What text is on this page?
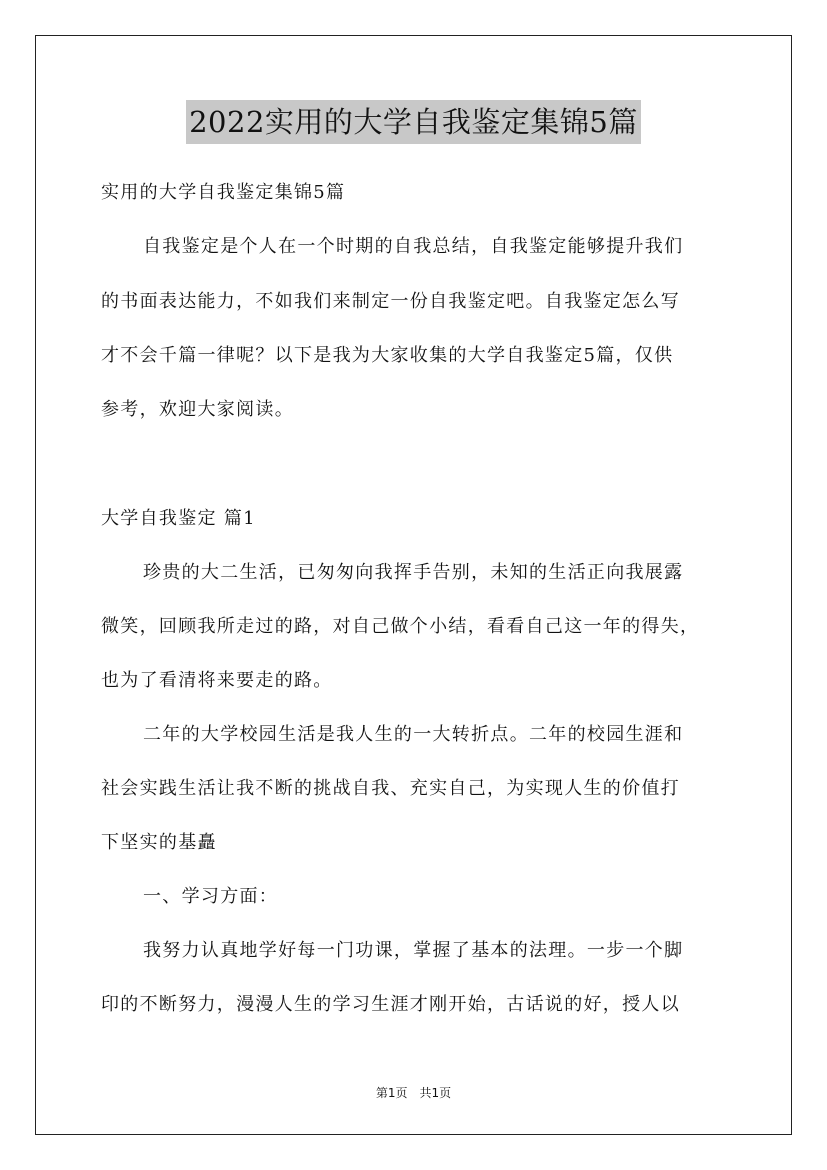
2022实用的大学自我鉴定集锦5篇
实用的大学自我鉴定集锦5篇
自我鉴定是个人在一个时期的自我总结，自我鉴定能够提升我们
的书面表达能力，不如我们来制定一份自我鉴定吧。自我鉴定怎么写
才不会千篇一律呢？以下是我为大家收集的大学自我鉴定5篇，仅供
参考，欢迎大家阅读。
大学自我鉴定 篇1
珍贵的大二生活，已匆匆向我挥手告别，未知的生活正向我展露
微笑，回顾我所走过的路，对自己做个小结，看看自己这一年的得失，
也为了看清将来要走的路。
二年的大学校园生活是我人生的一大转折点。二年的校园生涯和
社会实践生活让我不断的挑战自我、充实自己，为实现人生的价值打
下坚实的基矗
一、学习方面：
我努力认真地学好每一门功课，掌握了基本的法理。一步一个脚
印的不断努力，漫漫人生的学习生涯才刚开始，古话说的好，授人以
第1页　共1页
